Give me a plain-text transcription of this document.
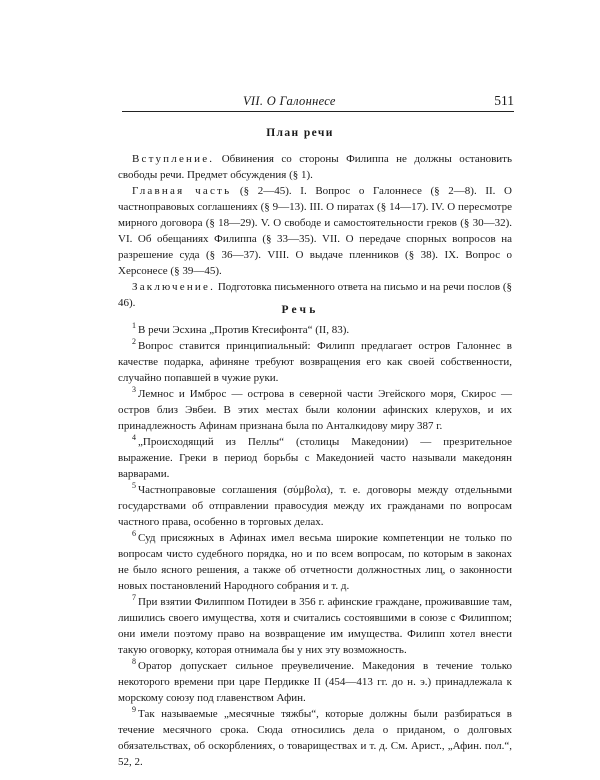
VII. О Галоннесе	511
План речи

Вступление. Обвинения со стороны Филиппа не должны остановить свободы речи. Предмет обсуждения (§ 1).

Главная часть (§ 2—45). I. Вопрос о Галоннесе (§ 2—8). II. О частноправовых соглашениях (§ 9—13). III. О пиратах (§ 14—17). IV. О пересмотре мирного договора (§ 18—29). V. О свободе и самостоятельности греков (§ 30—32). VI. Об обещаниях Филиппа (§ 33—35). VII. О передаче спорных вопросов на разрешение суда (§ 36—37). VIII. О выдаче пленников (§ 38). IX. Вопрос о Херсонесе (§ 39—45).

Заключение. Подготовка письменного ответа на письмо и на речи послов (§ 46).

Речь

$^1$ В речи Эсхина „Против Ктесифонта“ (II, 83).

$^2$ Вопрос ставится принципиальный: Филипп предлагает остров Галоннес в качестве подарка, афиняне требуют возвращения его как своей собственности, случайно попавшей в чужие руки.

$^3$ Лемнос и Имброс — острова в северной части Эгейского моря, Скирос — остров близ Эвбеи. В этих местах были колонии афинских клерухов, и их принадлежность Афинам признана была по Анталкидову миру 387 г.

$^4$ „Происходящий из Пеллы“ (столицы Македонии) — презрительное выражение. Греки в период борьбы с Македонией часто называли македонян варварами.

$^5$ Частноправовые соглашения (σύμβολα), т. е. договоры между отдельными государствами об отправлении правосудия между их гражданами по вопросам частного права, особенно в торговых делах.

$^6$ Суд присяжных в Афинах имел весьма широкие компетенции не только по вопросам чисто судебного порядка, но и по всем вопросам, по которым в законах не было ясного решения, а также об отчетности должностных лиц, о законности новых постановлений Народного собрания и т. д.

$^7$ При взятии Филиппом Потидеи в 356 г. афинские граждане, проживавшие там, лишились своего имущества, хотя и считались состоявшими в союзе с Филиппом; они имели поэтому право на возвращение им имущества. Филипп хотел внести такую оговорку, которая отнимала бы у них эту возможность.

$^8$ Оратор допускает сильное преувеличение. Македония в течение только некоторого времени при царе Пердикке II (454—413 гг. до н. э.) принадлежала к морскому союзу под главенством Афин.

$^9$ Так называемые „месячные тяжбы“, которые должны были разбираться в течение месячного срока. Сюда относились дела о приданом, о долговых обязательствах, об оскорблениях, о товариществах и т. д. См. Арист., „Афин. пол.“, 52, 2.
